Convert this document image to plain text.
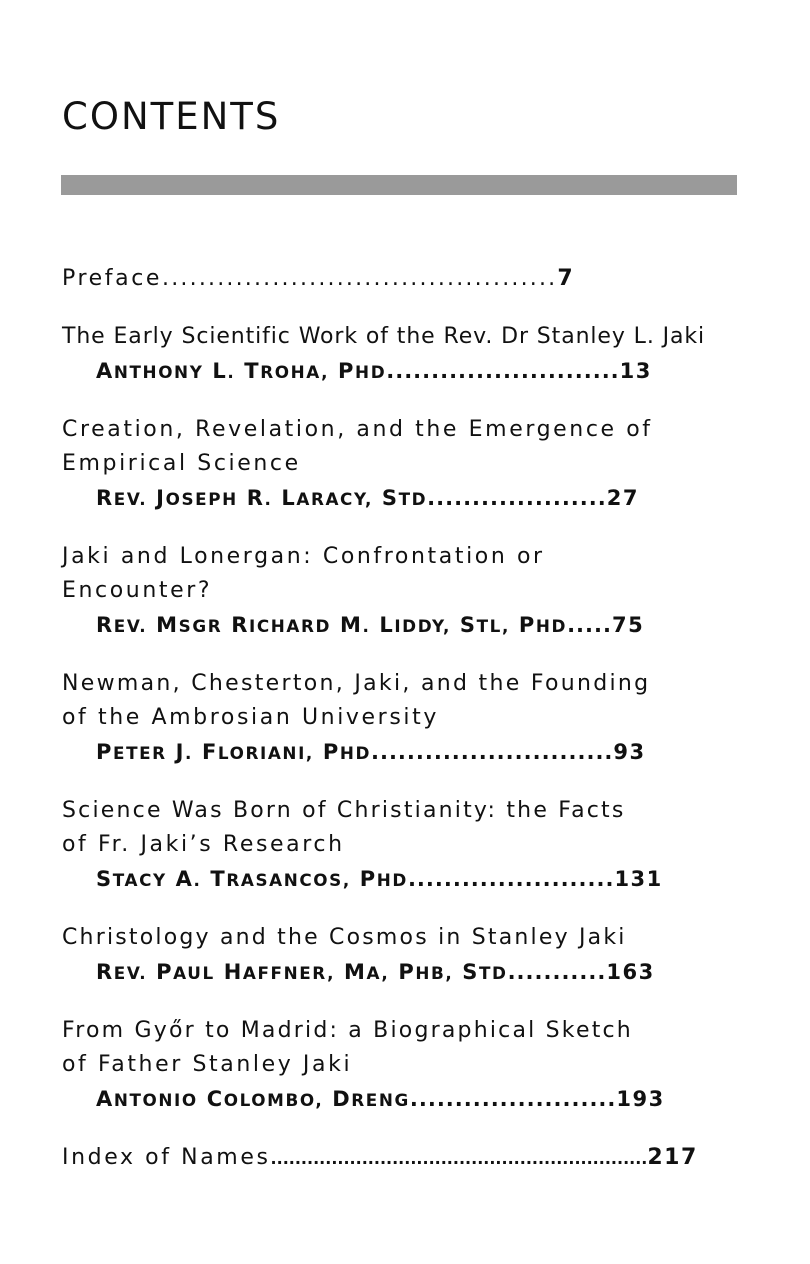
CONTENTS
Preface...........................................7
The Early Scientific Work of the Rev. Dr Stanley L. Jaki
ANTHONY L. TROHA, PHD..........................13
Creation, Revelation, and the Emergence of
Empirical Science
REV. JOSEPH R. LARACY, STD....................27
Jaki and Lonergan: Confrontation or
Encounter?
REV. MSGR RICHARD M. LIDDY, STL, PHD.....75
Newman, Chesterton, Jaki, and the Founding
of the Ambrosian University
PETER J. FLORIANI, PHD...........................93
Science Was Born of Christianity: the Facts
of Fr. Jaki’s Research
STACY A. TRASANCOS, PHD.......................131
Christology and the Cosmos in Stanley Jaki
REV. PAUL HAFFNER, MA, PHB, STD...........163
From Győr to Madrid: a Biographical Sketch
of Father Stanley Jaki
ANTONIO COLOMBO, DRENG.......................193
Index of Names..............................................................217
